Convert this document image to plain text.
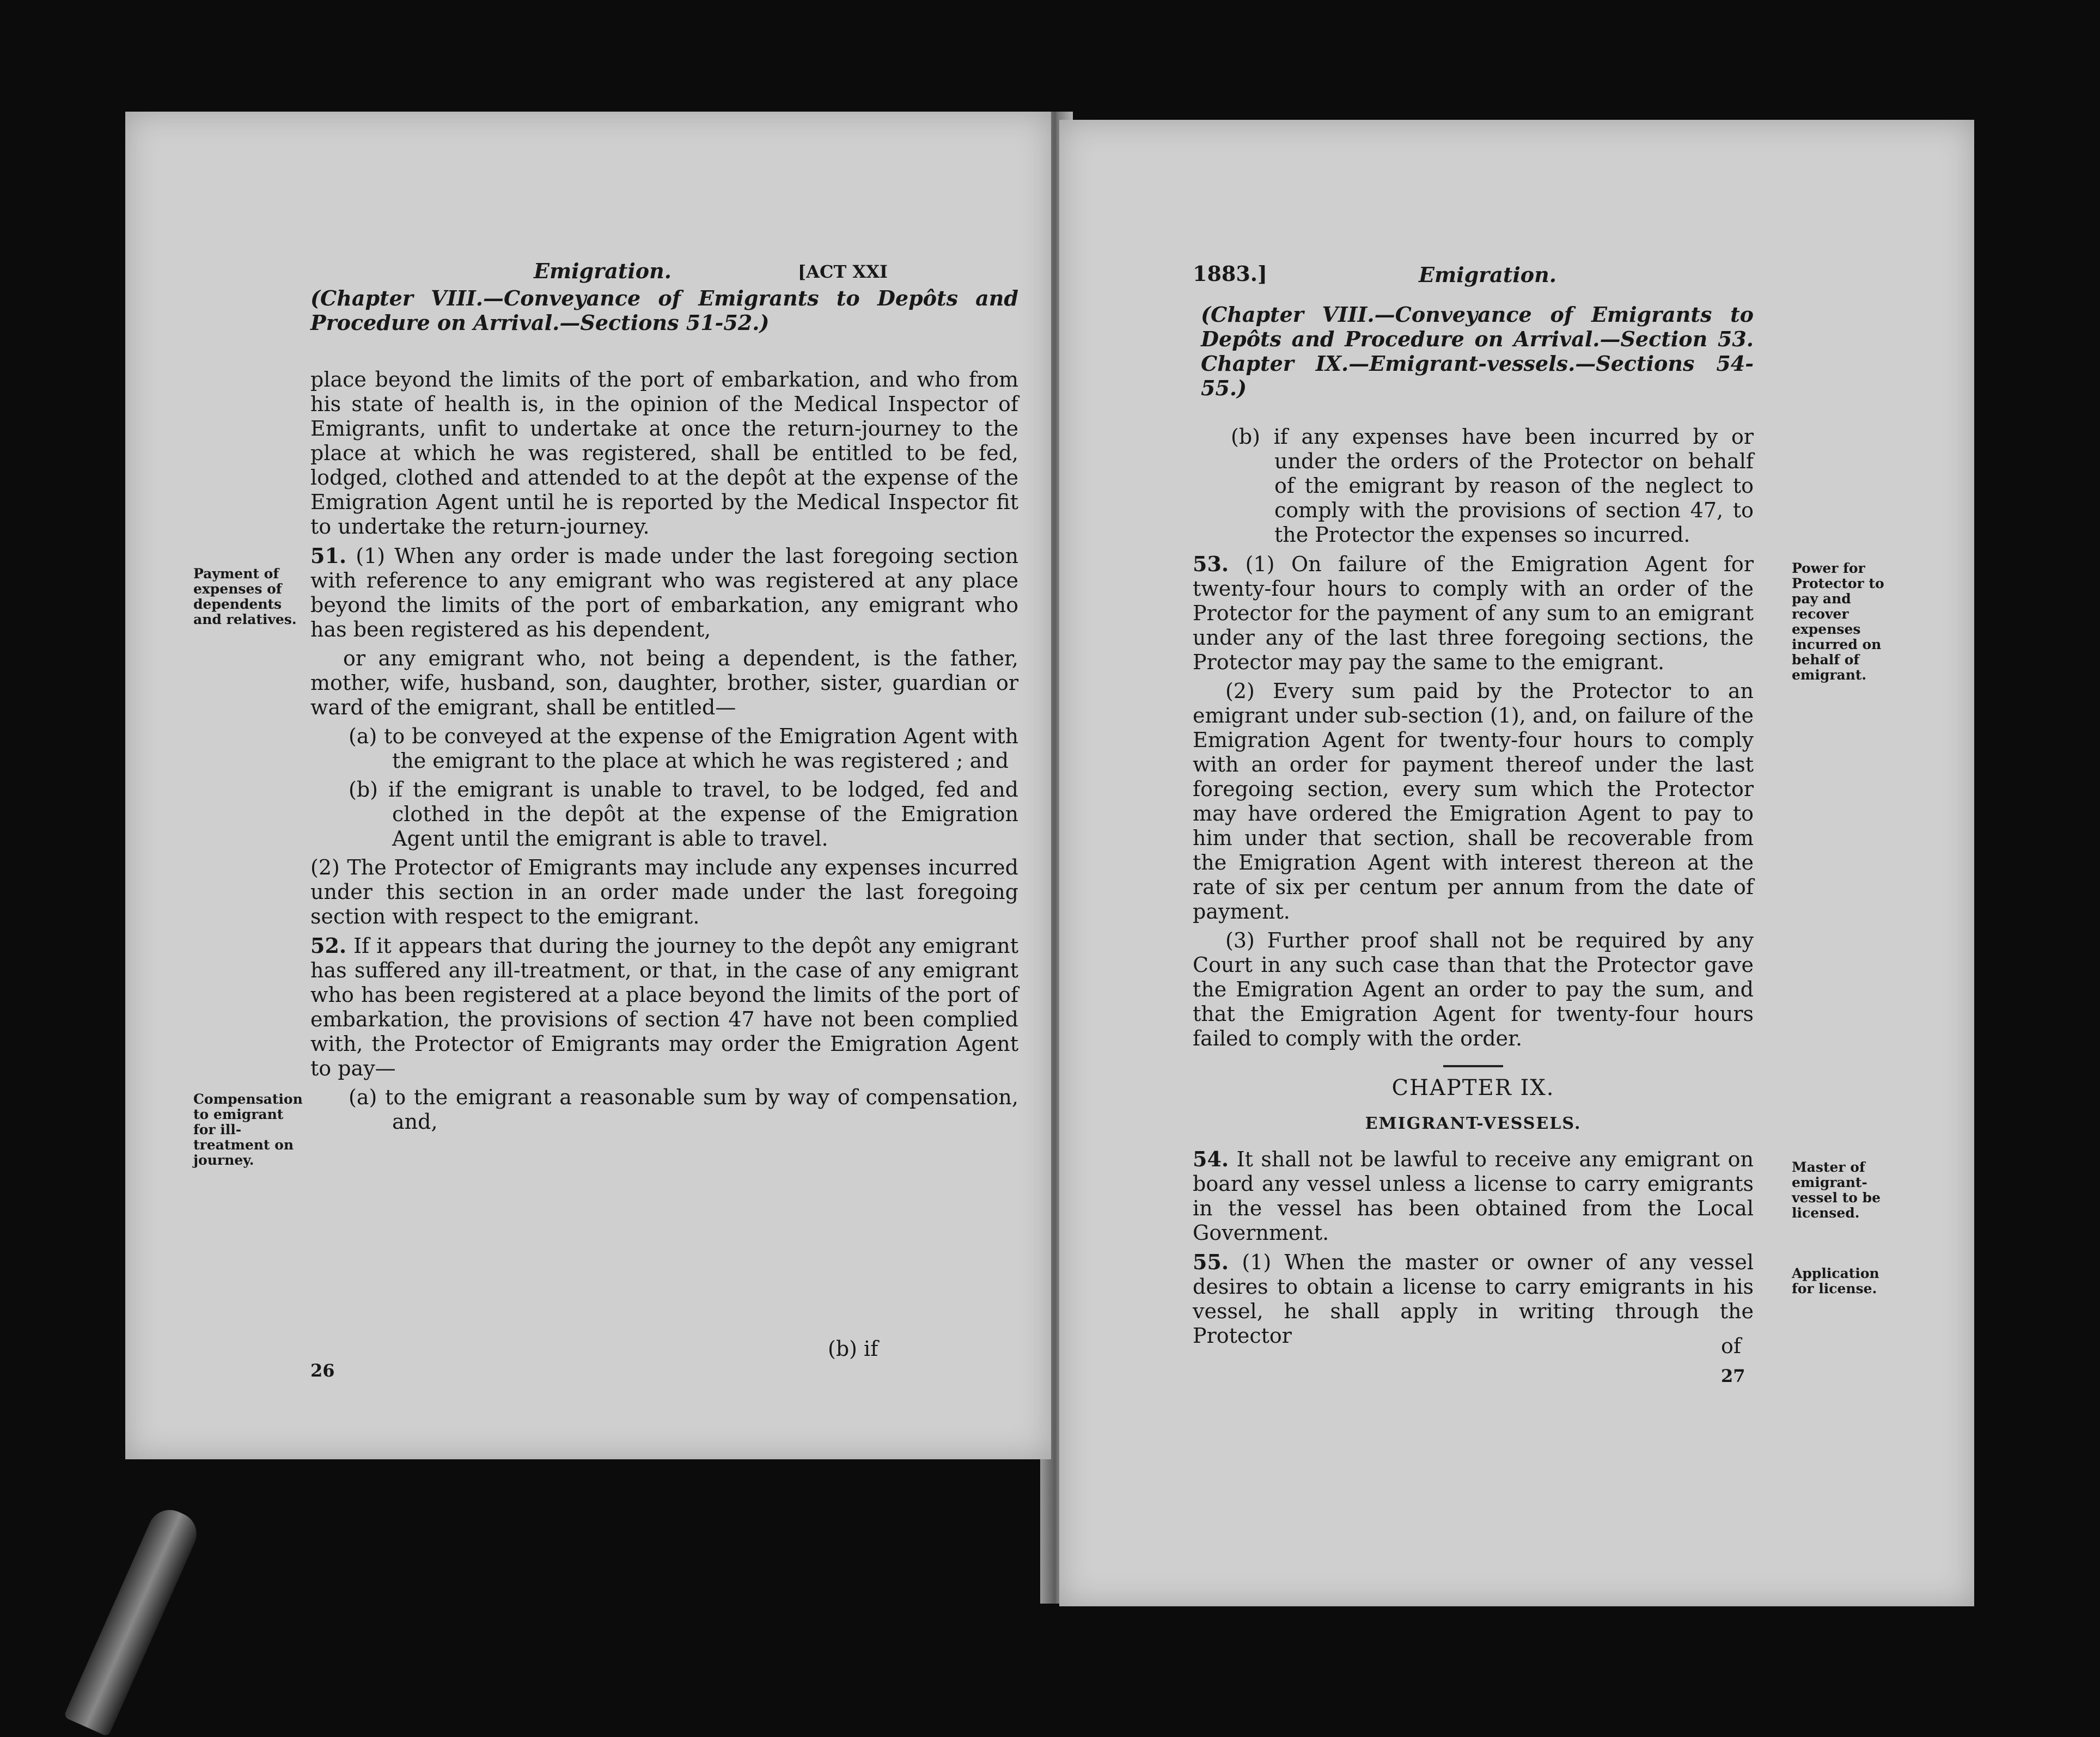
Emigration.	[ACT XXI
(Chapter VIII.—Conveyance of Emigrants to Depôts and Procedure on Arrival.—Sections 51-52.)

place beyond the limits of the port of embarkation, and who from his state of health is, in the opinion of the Medical Inspector of Emigrants, unfit to undertake at once the return-journey to the place at which he was registered, shall be entitled to be fed, lodged, clothed and attended to at the depôt at the expense of the Emigration Agent until he is reported by the Medical Inspector fit to undertake the return-journey.

51. (1) When any order is made under the last foregoing section with reference to any emigrant who was registered at any place beyond the limits of the port of embarkation, any emigrant who has been registered as his dependent,

or any emigrant who, not being a dependent, is the father, mother, wife, husband, son, daughter, brother, sister, guardian or ward of the emigrant, shall be entitled—

(a) to be conveyed at the expense of the Emigration Agent with the emigrant to the place at which he was registered ; and

(b) if the emigrant is unable to travel, to be lodged, fed and clothed in the depôt at the expense of the Emigration Agent until the emigrant is able to travel.

(2) The Protector of Emigrants may include any expenses incurred under this section in an order made under the last foregoing section with respect to the emigrant.

52. If it appears that during the journey to the depôt any emigrant has suffered any ill-treatment, or that, in the case of any emigrant who has been registered at a place beyond the limits of the port of embarkation, the provisions of section 47 have not been complied with, the Protector of Emigrants may order the Emigration Agent to pay—

(a) to the emigrant a reasonable sum by way of compensation, and,

Payment of expenses of dependents and relatives.
Compensation to emigrant for ill-treatment on journey.
(b) if
26
1883.]	Emigration.
(Chapter VIII.—Conveyance of Emigrants to Depôts and Procedure on Arrival.—Section 53. Chapter IX.—Emigrant-vessels.—Sections 54-55.)

(b) if any expenses have been incurred by or under the orders of the Protector on behalf of the emigrant by reason of the neglect to comply with the provisions of section 47, to the Protector the expenses so incurred.

53. (1) On failure of the Emigration Agent for twenty-four hours to comply with an order of the Protector for the payment of any sum to an emigrant under any of the last three foregoing sections, the Protector may pay the same to the emigrant.

(2) Every sum paid by the Protector to an emigrant under sub-section (1), and, on failure of the Emigration Agent for twenty-four hours to comply with an order for payment thereof under the last foregoing section, every sum which the Protector may have ordered the Emigration Agent to pay to him under that section, shall be recoverable from the Emigration Agent with interest thereon at the rate of six per centum per annum from the date of payment.

(3) Further proof shall not be required by any Court in any such case than that the Protector gave the Emigration Agent an order to pay the sum, and that the Emigration Agent for twenty-four hours failed to comply with the order.

CHAPTER IX.
EMIGRANT-VESSELS.

54. It shall not be lawful to receive any emigrant on board any vessel unless a license to carry emigrants in the vessel has been obtained from the Local Government.

55. (1) When the master or owner of any vessel desires to obtain a license to carry emigrants in his vessel, he shall apply in writing through the Protector

Power for Protector to pay and recover expenses incurred on behalf of emigrant.
Master of emigrant-vessel to be licensed.
Application for license.
of
27
